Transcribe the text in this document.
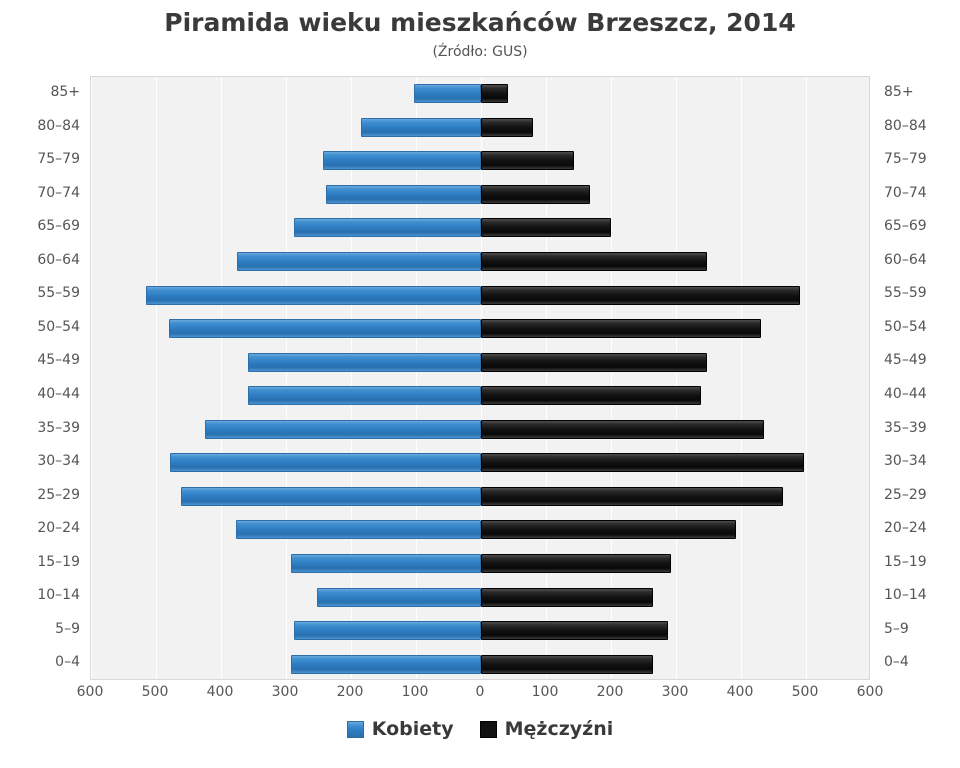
Piramida wieku mieszkańców Brzeszcz, 2014
(Źródło: GUS)
0–4
5–9
10–14
15–19
20–24
25–29
30–34
35–39
40–44
45–49
50–54
55–59
60–64
65–69
70–74
75–79
80–84
85+
0–4
5–9
10–14
15–19
20–24
25–29
30–34
35–39
40–44
45–49
50–54
55–59
60–64
65–69
70–74
75–79
80–84
85+
600	500	400	300	200	100	0	100	200	300	400	500	600
Kobiety	Mężczyźni
